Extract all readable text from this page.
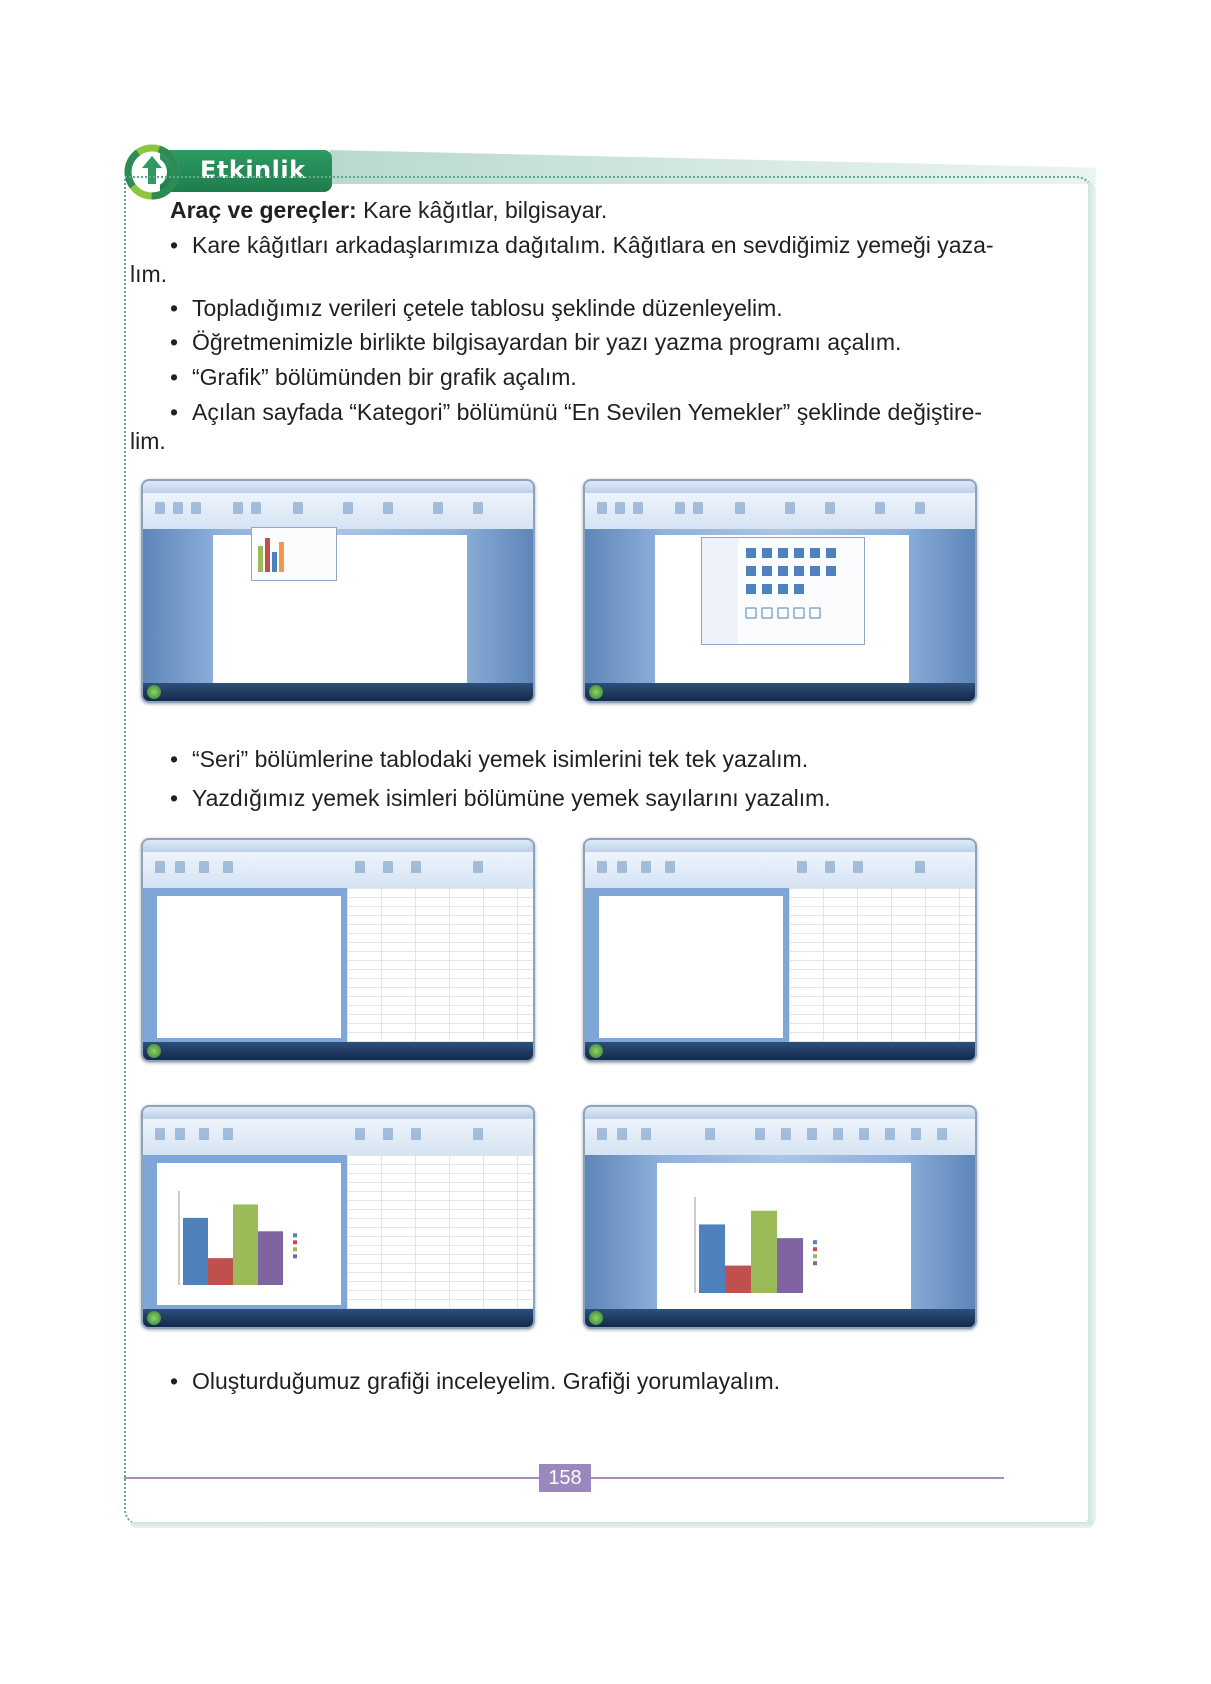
Etkinlik
Araç ve gereçler: Kare kâğıtlar, bilgisayar.
• Kare kâğıtları arkadaşlarımıza dağıtalım. Kâğıtlara en sevdiğimiz yemeği yaza-
lım.
• Topladığımız verileri çetele tablosu şeklinde düzenleyelim.
• Öğretmenimizle birlikte bilgisayardan bir yazı yazma programı açalım.
• “Grafik” bölümünden bir grafik açalım.
• Açılan sayfada “Kategori” bölümünü “En Sevilen Yemekler” şeklinde değiştire-
lim.
• “Seri” bölümlerine tablodaki yemek isimlerini tek tek yazalım.
• Yazdığımız yemek isimleri bölümüne yemek sayılarını yazalım.
• Oluşturduğumuz grafiği inceleyelim. Grafiği yorumlayalım.
158
